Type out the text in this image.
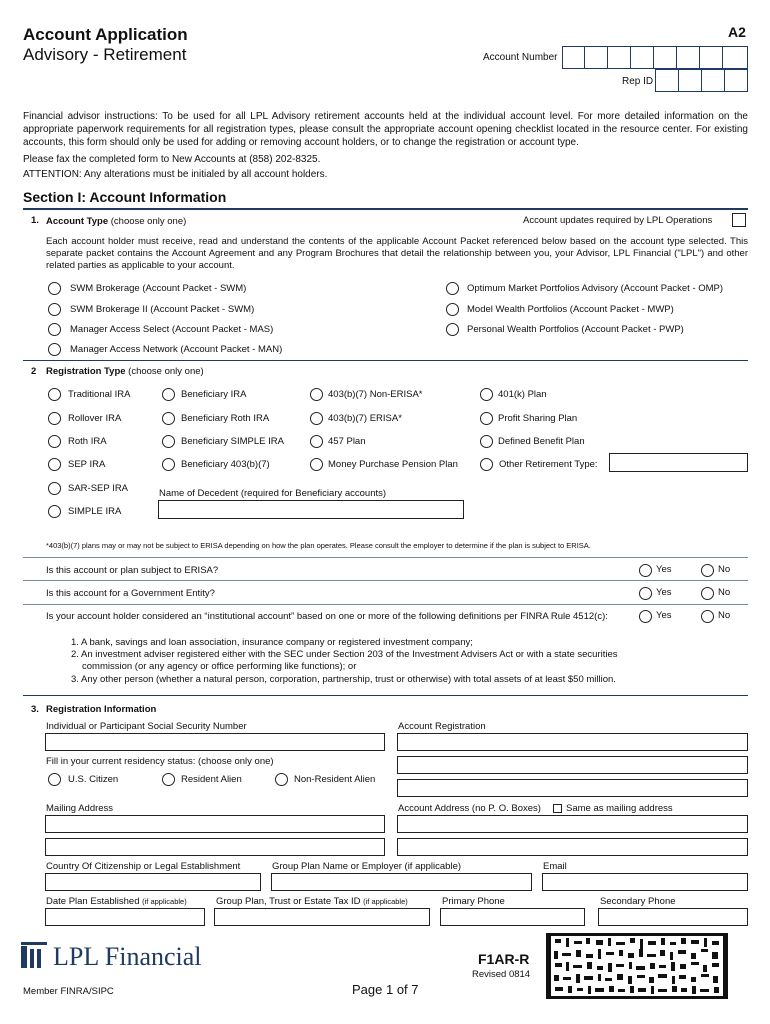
Account Application
Advisory - Retirement
A2
Account Number
Rep ID
Financial advisor instructions: To be used for all LPL Advisory retirement accounts held at the individual account level. For more detailed information on the appropriate paperwork requirements for all registration types, please consult the appropriate account opening checklist located in the resource center. For existing accounts, this form should only be used for adding or removing account holders, or to change the registration or account type.
Please fax the completed form to New Accounts at (858) 202-8325.
ATTENTION: Any alterations must be initialed by all account holders.
Section I: Account Information
1. Account Type (choose only one)	Account updates required by LPL Operations
Each account holder must receive, read and understand the contents of the applicable Account Packet referenced below based on the account type selected. This separate packet contains the Account Agreement and any Program Brochures that detail the relationship between you, your Advisor, LPL Financial ("LPL") and other related parties as applicable to your account.
SWM Brokerage (Account Packet - SWM)
SWM Brokerage II (Account Packet - SWM)
Manager Access Select (Account Packet - MAS)
Manager Access Network (Account Packet - MAN)
Optimum Market Portfolios Advisory (Account Packet - OMP)
Model Wealth Portfolios (Account Packet - MWP)
Personal Wealth Portfolios (Account Packet - PWP)
2 Registration Type (choose only one)
Traditional IRA
Rollover IRA
Roth IRA
SEP IRA
SAR-SEP IRA
SIMPLE IRA
Beneficiary IRA
Beneficiary Roth IRA
Beneficiary SIMPLE IRA
Beneficiary 403(b)(7)
403(b)(7) Non-ERISA*
403(b)(7) ERISA*
457 Plan
Money Purchase Pension Plan
401(k) Plan
Profit Sharing Plan
Defined Benefit Plan
Other Retirement Type:
Name of Decedent (required for Beneficiary accounts)
*403(b)(7) plans may or may not be subject to ERISA depending on how the plan operates. Please consult the employer to determine if the plan is subject to ERISA.
Is this account or plan subject to ERISA?	Yes	No
Is this account for a Government Entity?	Yes	No
Is your account holder considered an “institutional account” based on one or more of the following definitions per FINRA Rule 4512(c):	Yes	No
1. A bank, savings and loan association, insurance company or registered investment company;
2. An investment adviser registered either with the SEC under Section 203 of the Investment Advisers Act or with a state securities
commission (or any agency or office performing like functions); or
3. Any other person (whether a natural person, corporation, partnership, trust or otherwise) with total assets of at least $50 million.
3. Registration Information
Individual or Participant Social Security Number	Account Registration
Fill in your current residency status: (choose only one)
U.S. Citizen	Resident Alien	Non-Resident Alien
Mailing Address	Account Address (no P. O. Boxes)	Same as mailing address
Country Of Citizenship or Legal Establishment	Group Plan Name or Employer (if applicable)	Email
Date Plan Established (if applicable)	Group Plan, Trust or Estate Tax ID (if applicable)	Primary Phone	Secondary Phone
LPL Financial
Member FINRA/SIPC	Page 1 of 7
F1AR-R
Revised 0814
